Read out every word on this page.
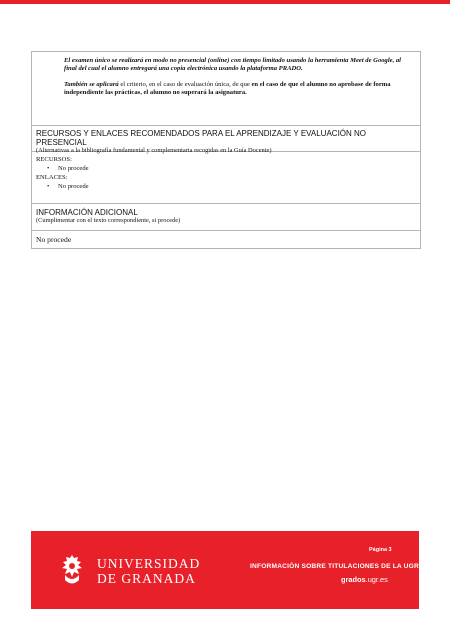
El examen único se realizará en modo no presencial (online) con tiempo limitado usando la herramienta Meet de Google, al final del cual el alumno entregará una copia electrónica usando la plataforma PRADO.

También se aplicará el criterio, en el caso de evaluación única, de que en el caso de que el alumno no aprobase de forma independiente las prácticas, el alumno no superará la asignatura.

RECURSOS Y ENLACES RECOMENDADOS PARA EL APRENDIZAJE Y EVALUACIÓN NO PRESENCIAL
(Alternativas a la bibliografía fundamental y complementaria recogidas en la Guía Docente)
RECURSOS:
• No procede
ENLACES:
• No procede
INFORMACIÓN ADICIONAL
(Cumplimentar con el texto correspondiente, si procede)
No procede
UNIVERSIDAD
DE GRANADA
Página 3
INFORMACIÓN SOBRE TITULACIONES DE LA UGR
grados.ugr.es
